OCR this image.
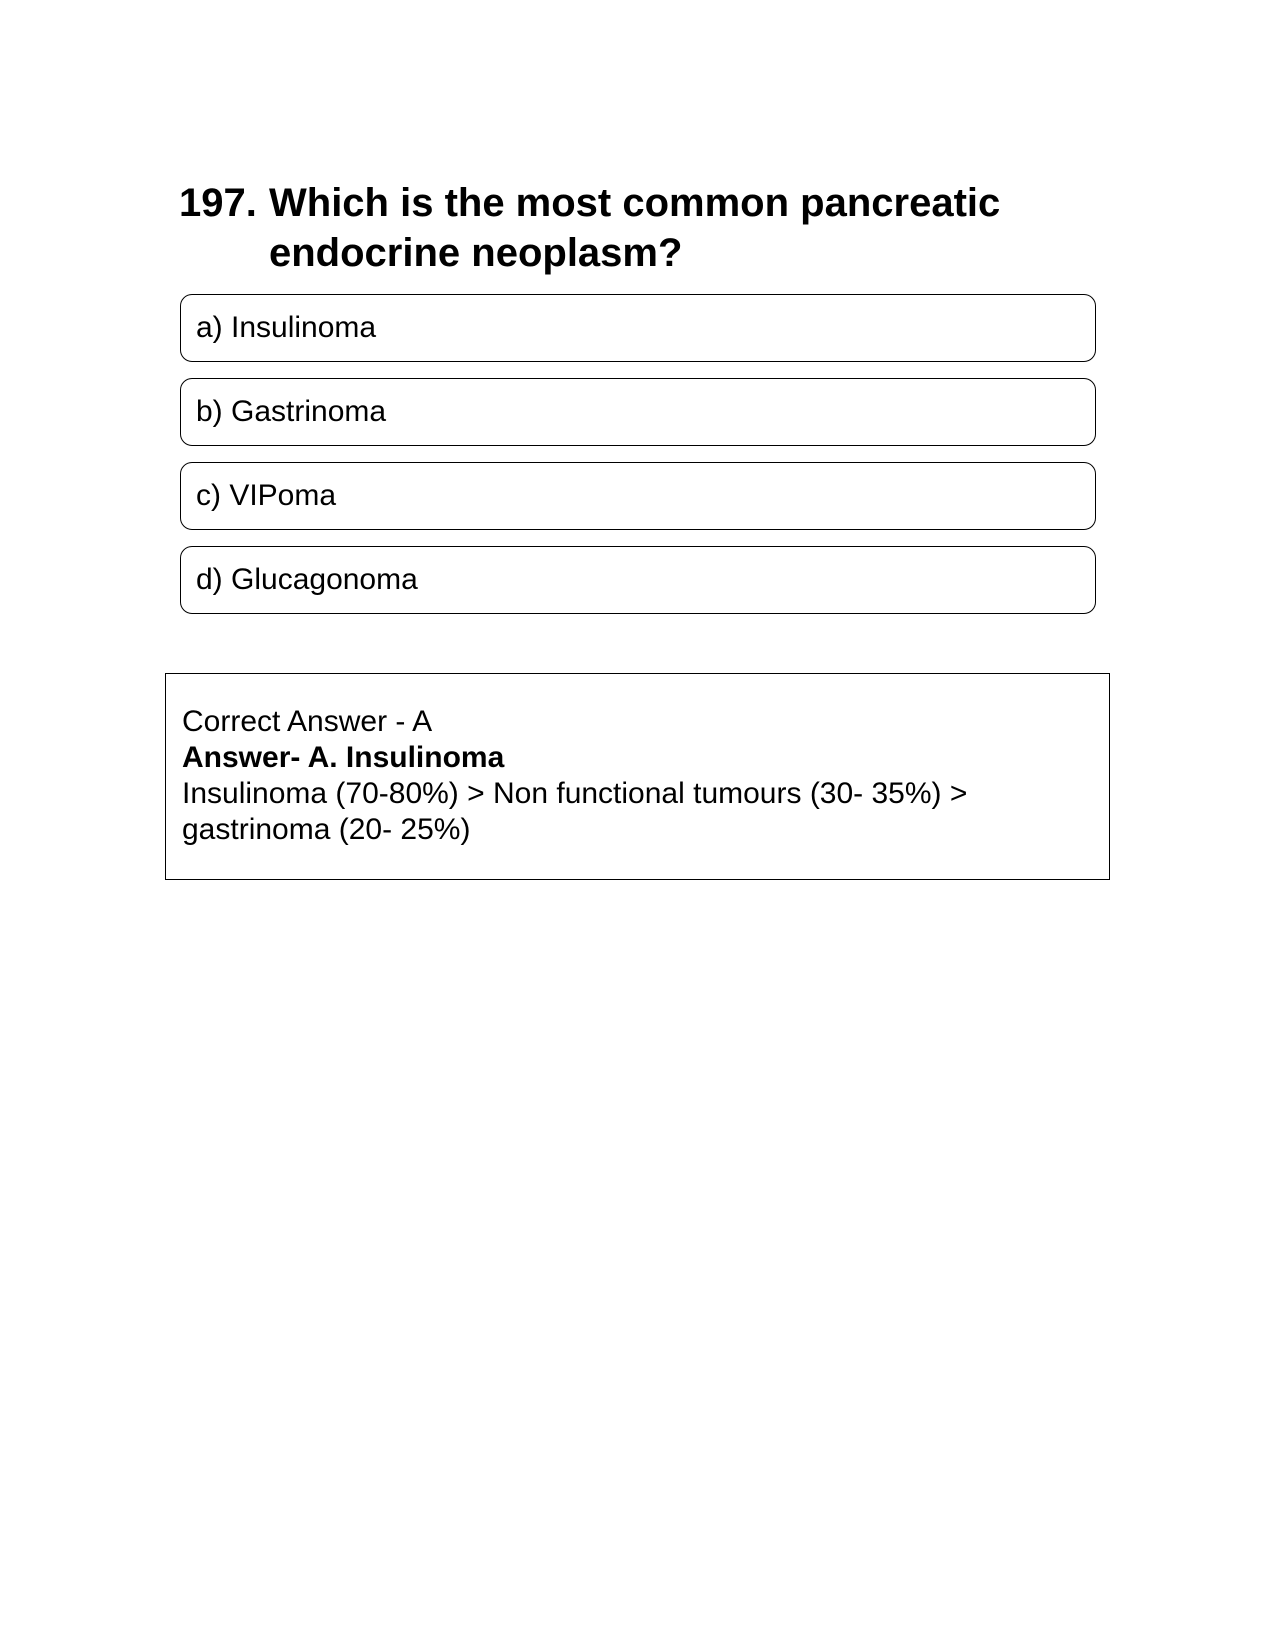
197. Which is the most common pancreatic endocrine neoplasm?
a) Insulinoma
b) Gastrinoma
c) VIPoma
d) Glucagonoma
Correct Answer - A
Answer- A. Insulinoma
Insulinoma (70-80%) > Non functional tumours (30- 35%) > gastrinoma (20- 25%)
